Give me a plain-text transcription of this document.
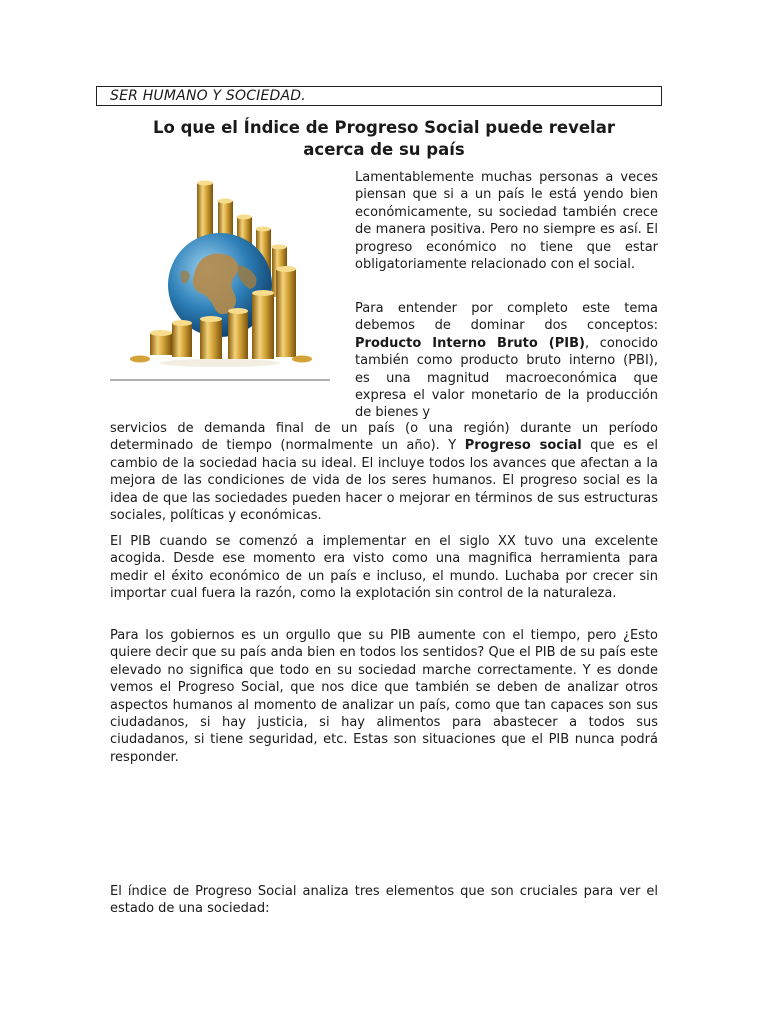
SER HUMANO Y SOCIEDAD.
Lo que el Índice de Progreso Social puede revelar
acerca de su país
Lamentablemente muchas personas a veces piensan que si a un país le está yendo bien económicamente, su sociedad también crece de manera positiva. Pero no siempre es así. El progreso económico no tiene que estar obligatoriamente relacionado con el social.
Para entender por completo este tema debemos de dominar dos conceptos: Producto Interno Bruto (PIB), conocido también como producto bruto interno (PBI), es una magnitud macroeconómica que expresa el valor monetario de la producción de bienes y
servicios de demanda final de un país (o una región) durante un período determinado de tiempo (normalmente un año). Y Progreso social que es el cambio de la sociedad hacia su ideal. El incluye todos los avances que afectan a la mejora de las condiciones de vida de los seres humanos. El progreso social es la idea de que las sociedades pueden hacer o mejorar en términos de sus estructuras sociales, políticas y económicas.
El PIB cuando se comenzó a implementar en el siglo XX tuvo una excelente acogida. Desde ese momento era visto como una magnifica herramienta para medir el éxito económico de un país e incluso, el mundo. Luchaba por crecer sin importar cual fuera la razón, como la explotación sin control de la naturaleza.
Para los gobiernos es un orgullo que su PIB aumente con el tiempo, pero ¿Esto quiere decir que su país anda bien en todos los sentidos? Que el PIB de su país este elevado no significa que todo en su sociedad marche correctamente. Y es donde vemos el Progreso Social, que nos dice que también se deben de analizar otros aspectos humanos al momento de analizar un país, como que tan capaces son sus ciudadanos, si hay justicia, si hay alimentos para abastecer a todos sus ciudadanos, si tiene seguridad, etc. Estas son situaciones que el PIB nunca podrá responder.
El índice de Progreso Social analiza tres elementos que son cruciales para ver el estado de una sociedad:
